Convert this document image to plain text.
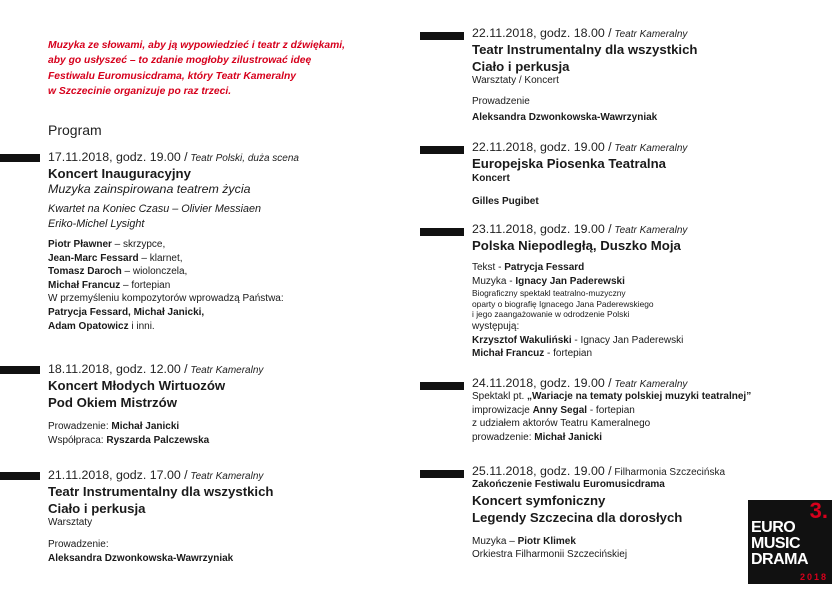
Muzyka ze słowami, aby ją wypowiedzieć i teatr z dźwiękami,
aby go usłyszeć – to zdanie mogłoby zilustrować ideę
Festiwalu Euromusicdrama, który Teatr Kameralny
w Szczecinie organizuje po raz trzeci.
Program
17.11.2018, godz. 19.00 / Teatr Polski, duża scena
Koncert Inauguracyjny
Muzyka zainspirowana teatrem życia
Kwartet na Koniec Czasu – Olivier Messiaen
Eriko-Michel Lysight
Piotr Pławner – skrzypce,
Jean-Marc Fessard – klarnet,
Tomasz Daroch – wiolonczela,
Michał Francuz – fortepian
W przemyśleniu kompozytorów wprowadzą Państwa:
Patrycja Fessard, Michał Janicki,
Adam Opatowicz i inni.
18.11.2018, godz. 12.00 / Teatr Kameralny
Koncert Młodych Wirtuozów
Pod Okiem Mistrzów
Prowadzenie: Michał Janicki
Współpraca: Ryszarda Palczewska
21.11.2018, godz. 17.00 / Teatr Kameralny
Teatr Instrumentalny dla wszystkich
Ciało i perkusja
Warsztaty
Prowadzenie:
Aleksandra Dzwonkowska-Wawrzyniak
22.11.2018, godz. 18.00 / Teatr Kameralny
Teatr Instrumentalny dla wszystkich
Ciało i perkusja
Warsztaty / Koncert
Prowadzenie
Aleksandra Dzwonkowska-Wawrzyniak
22.11.2018, godz. 19.00 / Teatr Kameralny
Europejska Piosenka Teatralna
Koncert
Gilles Pugibet
23.11.2018, godz. 19.00 / Teatr Kameralny
Polska Niepodległą, Duszko Moja
Tekst - Patrycja Fessard
Muzyka - Ignacy Jan Paderewski
Biograficzny spektakl teatralno-muzyczny
oparty o biografię Ignacego Jana Paderewskiego
i jego zaangażowanie w odrodzenie Polski
występują:
Krzysztof Wakuliński - Ignacy Jan Paderewski
Michał Francuz - fortepian
24.11.2018, godz. 19.00 / Teatr Kameralny
Spektakl pt. „Wariacje na tematy polskiej muzyki teatralnej”
improwizacje Anny Segal - fortepian
z udziałem aktorów Teatru Kameralnego
prowadzenie: Michał Janicki
25.11.2018, godz. 19.00 / Filharmonia Szczecińska
Zakończenie Festiwalu Euromusicdrama
Koncert symfoniczny
Legendy Szczecina dla dorosłych
Muzyka – Piotr Klimek
Orkiestra Filharmonii Szczecińskiej
3.
EURO
MUSIC
DRAMA
2018
